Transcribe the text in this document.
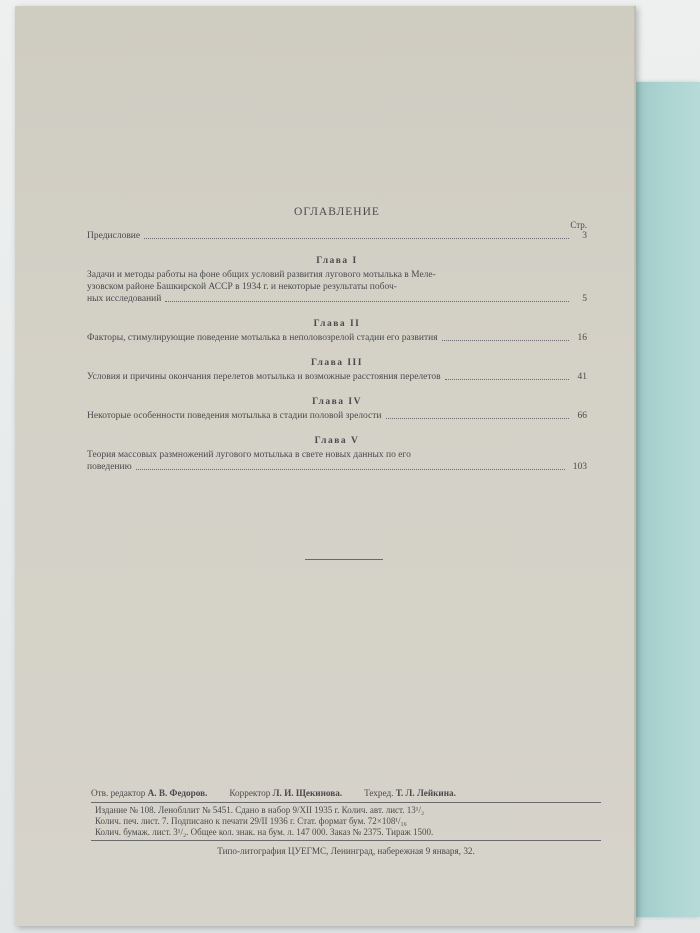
ОГЛАВЛЕНИЕ

Стр.
Предисловие	3
Глава I
Задачи и методы работы на фоне общих условий развития лугового мотылька в Меле-
узовском районе Башкирской АССР в 1934 г. и некоторые результаты побоч-
ных исследований	5
Глава II
Факторы, стимулирующие поведение мотылька в неполовозрелой стадии его развития	16
Глава III
Условия и причины окончания перелетов мотылька и возможные расстояния перелетов	41
Глава IV
Некоторые особенности поведения мотылька в стадии половой зрелости	66
Глава V
Теория массовых размножений лугового мотылька в свете новых данных по его
поведению	103
Отв. редактор А. В. Федоров. Корректор Л. И. Щекинова. Техред. Т. Л. Лейкина.
Издание № 108. Ленобллит № 5451. Сдано в набор 9/XII 1935 г. Колич. авт. лист. 13¹/₂
Колич. печ. лист. 7. Подписано к печати 29/II 1936 г. Стат. формат бум. 72×108¹/₁₆
Колич. бумаж. лист. 3¹/₂. Общее кол. знак. на бум. л. 147 000. Заказ № 2375. Тираж 1500.
Типо-литография ЦУЕГМС, Ленинград, набережная 9 января, 32.
